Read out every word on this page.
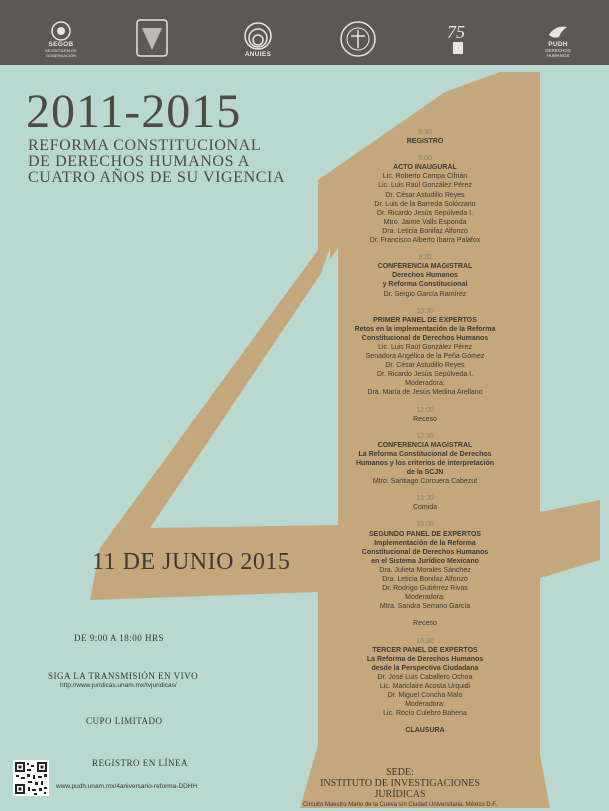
SEGOB
SECRETARÍA DE GOBERNACIÓN	ANUIES
75
PUDH
DERECHOS HUMANOS
2011-2015
REFORMA CONSTITUCIONAL
DE DERECHOS HUMANOS A
CUATRO AÑOS DE SU VIGENCIA
11 DE JUNIO 2015
DE 9:00 A 18:00 HRS
SIGA LA TRANSMISIÓN EN VIVO
http://www.juridicas.unam.mx/tvjuridicas/
CUPO LIMITADO
REGISTRO EN LÍNEA
www.pudh.unam.mx/4aniversario-reforma-DDHH
8:30
REGISTRO
9:00
ACTO INAUGURAL
Lic. Roberto Campa Cifrián
Lic. Luis Raúl González Pérez
Dr. César Astudillo Reyes
Dr. Luis de la Barreda Solórzano
Dr. Ricardo Jesús Sepúlveda I.
Mtro. Jaime Valls Esponda
Dra. Leticia Bonifaz Alfonzo
Dr. Francisco Alberto Ibarra Palafox
9:30
CONFERENCIA MAGISTRAL
Derechos Humanos
y Reforma Constitucional
Dr. Sergio García Ramírez
10:30
PRIMER PANEL DE EXPERTOS
Retos en la implementación de la Reforma
Constitucional de Derechos Humanos
Lic. Luis Raúl González Pérez
Senadora Angélica de la Peña Gómez
Dr. César Astudillo Reyes
Dr. Ricardo Jesús Sepúlveda I.
Moderadora:
Dra. María de Jesús Medina Arellano
12:00
Receso
12:30
CONFERENCIA MAGISTRAL
La Reforma Constitucional de Derechos
Humanos y los criterios de interpretación
de la SCJN
Mtro. Santiago Corcuera Cabezut
13:30
Comida
15:00
SEGUNDO PANEL DE EXPERTOS
Implementación de la Reforma
Constitucional de Derechos Humanos
en el Sistema Jurídico Mexicano
Dra. Julieta Morales Sánchez
Dra. Leticia Bonifaz Alfonzo
Dr. Rodrigo Gutiérrez Rivas
Moderadora:
Mtra. Sandra Serrano García
Receso
16:30
TERCER PANEL DE EXPERTOS
La Reforma de Derechos Humanos
desde la Perspectiva Ciudadana
Dr. José Luis Caballero Ochoa
Lic. Mariclaire Acosta Urquidi
Dr. Miguel Concha Malo
Moderadora:
Lic. Rocío Culebro Bahena
CLAUSURA
SEDE:
INSTITUTO DE INVESTIGACIONES JURÍDICAS
Circuito Maestro Mario de la Cueva s/n Ciudad Universitaria. México D.F.
